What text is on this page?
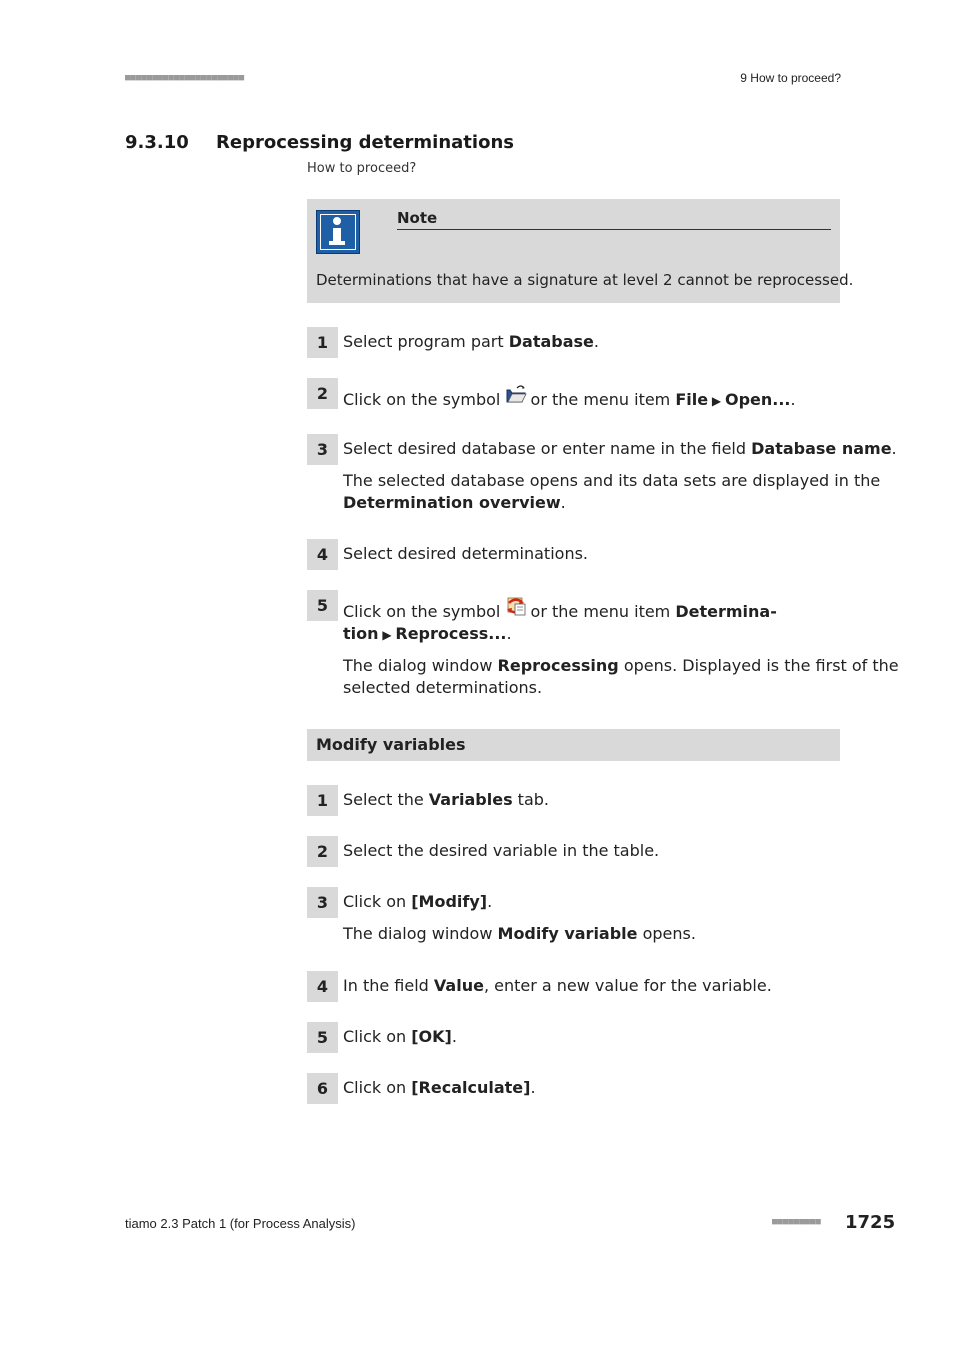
■■■■■■■■■■■■■■■■■■■■■■	9 How to proceed?
9.3.10 Reprocessing determinations
How to proceed?
Note
Determinations that have a signature at level 2 cannot be reprocessed.
1 Select program part Database.
2 Click on the symbol
or the menu item File ▶ Open....
3 Select desired database or enter name in the field Database name.
The selected database opens and its data sets are displayed in the
Determination overview.
4 Select desired determinations.
5 Click on the symbol
or the menu item Determina-
tion ▶ Reprocess....
The dialog window Reprocessing opens. Displayed is the first of the
selected determinations.
Modify variables
1 Select the Variables tab.
2 Select the desired variable in the table.
3 Click on [Modify].
The dialog window Modify variable opens.
4 In the field Value, enter a new value for the variable.
5 Click on [OK].
6 Click on [Recalculate].
tiamo 2.3 Patch 1 (for Process Analysis)	■■■■■■■■■ 1725
